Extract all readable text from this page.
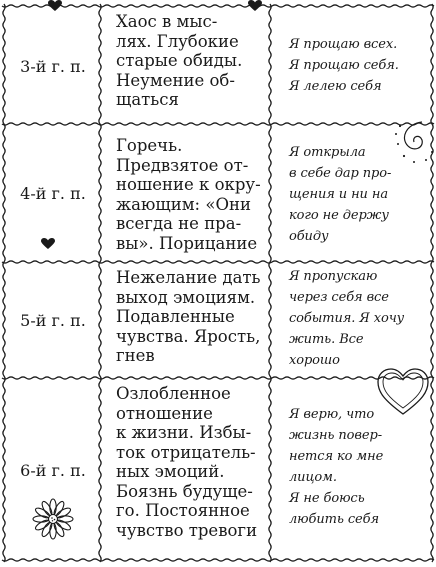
3-й г. п.
Хаос в мыс-
лях. Глубокие
старые обиды.
Неумение об-
щаться
Я прощаю всех.
Я прощаю себя.
Я лелею себя
4-й г. п.
Горечь.
Предвзятое от-
ношение к окру-
жающим: «Они
всегда не пра-
вы». Порицание
Я открыла
в себе дар про-
щения и ни на
кого не держу
обиду
5-й г. п.
Нежелание дать
выход эмоциям.
Подавленные
чувства. Ярость,
гнев
Я пропускаю
через себя все
события. Я хочу
жить. Все
хорошо
6-й г. п.
Озлобленное
отношение
к жизни. Избы-
ток отрицатель-
ных эмоций.
Боязнь будуще-
го. Постоянное
чувство тревоги
Я верю, что
жизнь повер-
нется ко мне
лицом.
Я не боюсь
любить себя
